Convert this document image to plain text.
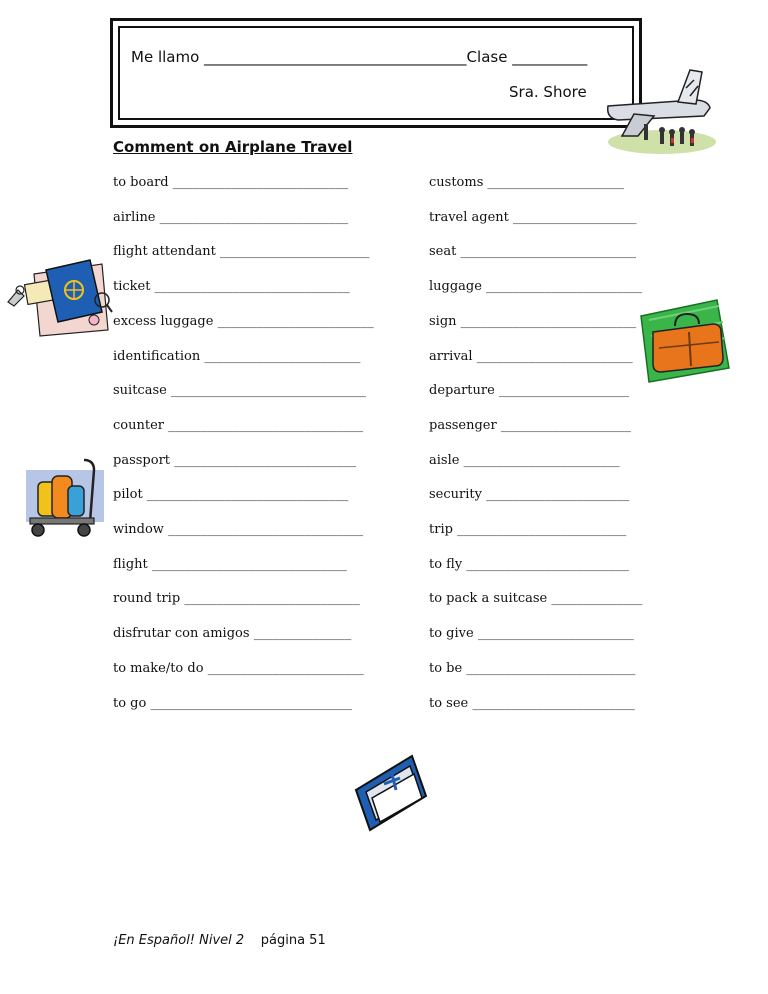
Me llamo ___________________________________Clase __________
Sra. Shore
Comment on Airplane Travel
to board ___________________________
airline _____________________________
flight attendant _______________________
ticket ______________________________
excess luggage ________________________
identification ________________________
suitcase ______________________________
counter ______________________________
passport ____________________________
pilot _______________________________
window ______________________________
flight ______________________________
round trip ___________________________
disfrutar con amigos _______________
to make/to do ________________________
to go _______________________________
customs _____________________
travel agent ___________________
seat ___________________________
luggage ________________________
sign ___________________________
arrival ________________________
departure ____________________
passenger ____________________
aisle ________________________
security ______________________
trip __________________________
to fly _________________________
to pack a suitcase ______________
to give ________________________
to be __________________________
to see _________________________
¡En Español! Nivel 2 página 51
